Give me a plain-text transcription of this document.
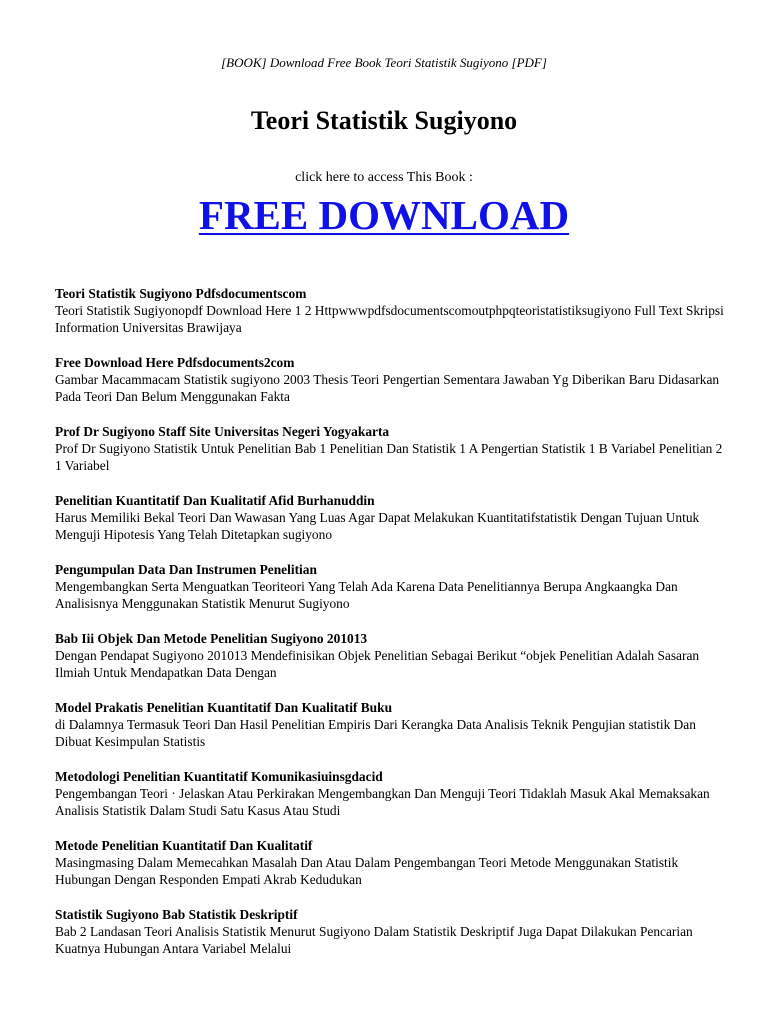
[BOOK] Download Free Book Teori Statistik Sugiyono [PDF]
Teori Statistik Sugiyono
click here to access This Book :
FREE DOWNLOAD
Teori Statistik Sugiyono Pdfsdocumentscom
Teori Statistik Sugiyonopdf Download Here 1 2 Httpwwwpdfsdocumentscomoutphpqteoristatistiksugiyono Full Text Skripsi Information Universitas Brawijaya
Free Download Here Pdfsdocuments2com
Gambar Macammacam Statistik sugiyono 2003 Thesis Teori Pengertian Sementara Jawaban Yg Diberikan Baru Didasarkan Pada Teori Dan Belum Menggunakan Fakta
Prof Dr Sugiyono Staff Site Universitas Negeri Yogyakarta
Prof Dr Sugiyono Statistik Untuk Penelitian Bab 1 Penelitian Dan Statistik 1 A Pengertian Statistik 1 B Variabel Penelitian 2 1 Variabel
Penelitian Kuantitatif Dan Kualitatif Afid Burhanuddin
Harus Memiliki Bekal Teori Dan Wawasan Yang Luas Agar Dapat Melakukan Kuantitatifstatistik Dengan Tujuan Untuk Menguji Hipotesis Yang Telah Ditetapkan sugiyono
Pengumpulan Data Dan Instrumen Penelitian
Mengembangkan Serta Menguatkan Teoriteori Yang Telah Ada Karena Data Penelitiannya Berupa Angkaangka Dan Analisisnya Menggunakan Statistik Menurut Sugiyono
Bab Iii Objek Dan Metode Penelitian Sugiyono 201013
Dengan Pendapat Sugiyono 201013 Mendefinisikan Objek Penelitian Sebagai Berikut “objek Penelitian Adalah Sasaran Ilmiah Untuk Mendapatkan Data Dengan
Model Prakatis Penelitian Kuantitatif Dan Kualitatif Buku
di Dalamnya Termasuk Teori Dan Hasil Penelitian Empiris Dari Kerangka Data Analisis Teknik Pengujian statistik Dan Dibuat Kesimpulan Statistis
Metodologi Penelitian Kuantitatif Komunikasiuinsgdacid
Pengembangan Teori · Jelaskan Atau Perkirakan Mengembangkan Dan Menguji Teori Tidaklah Masuk Akal Memaksakan Analisis Statistik Dalam Studi Satu Kasus Atau Studi
Metode Penelitian Kuantitatif Dan Kualitatif
Masingmasing Dalam Memecahkan Masalah Dan Atau Dalam Pengembangan Teori Metode Menggunakan Statistik Hubungan Dengan Responden Empati Akrab Kedudukan
Statistik Sugiyono Bab Statistik Deskriptif
Bab 2 Landasan Teori Analisis Statistik Menurut Sugiyono Dalam Statistik Deskriptif Juga Dapat Dilakukan Pencarian Kuatnya Hubungan Antara Variabel Melalui
